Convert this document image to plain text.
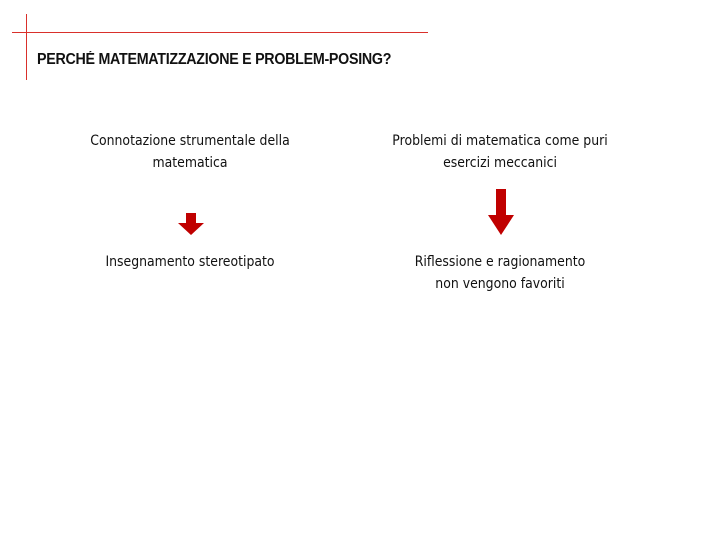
PERCHÉ MATEMATIZZAZIONE E PROBLEM-POSING?
Connotazione strumentale della
matematica
Insegnamento stereotipato
Problemi di matematica come puri
esercizi meccanici
Riflessione e ragionamento
non vengono favoriti
